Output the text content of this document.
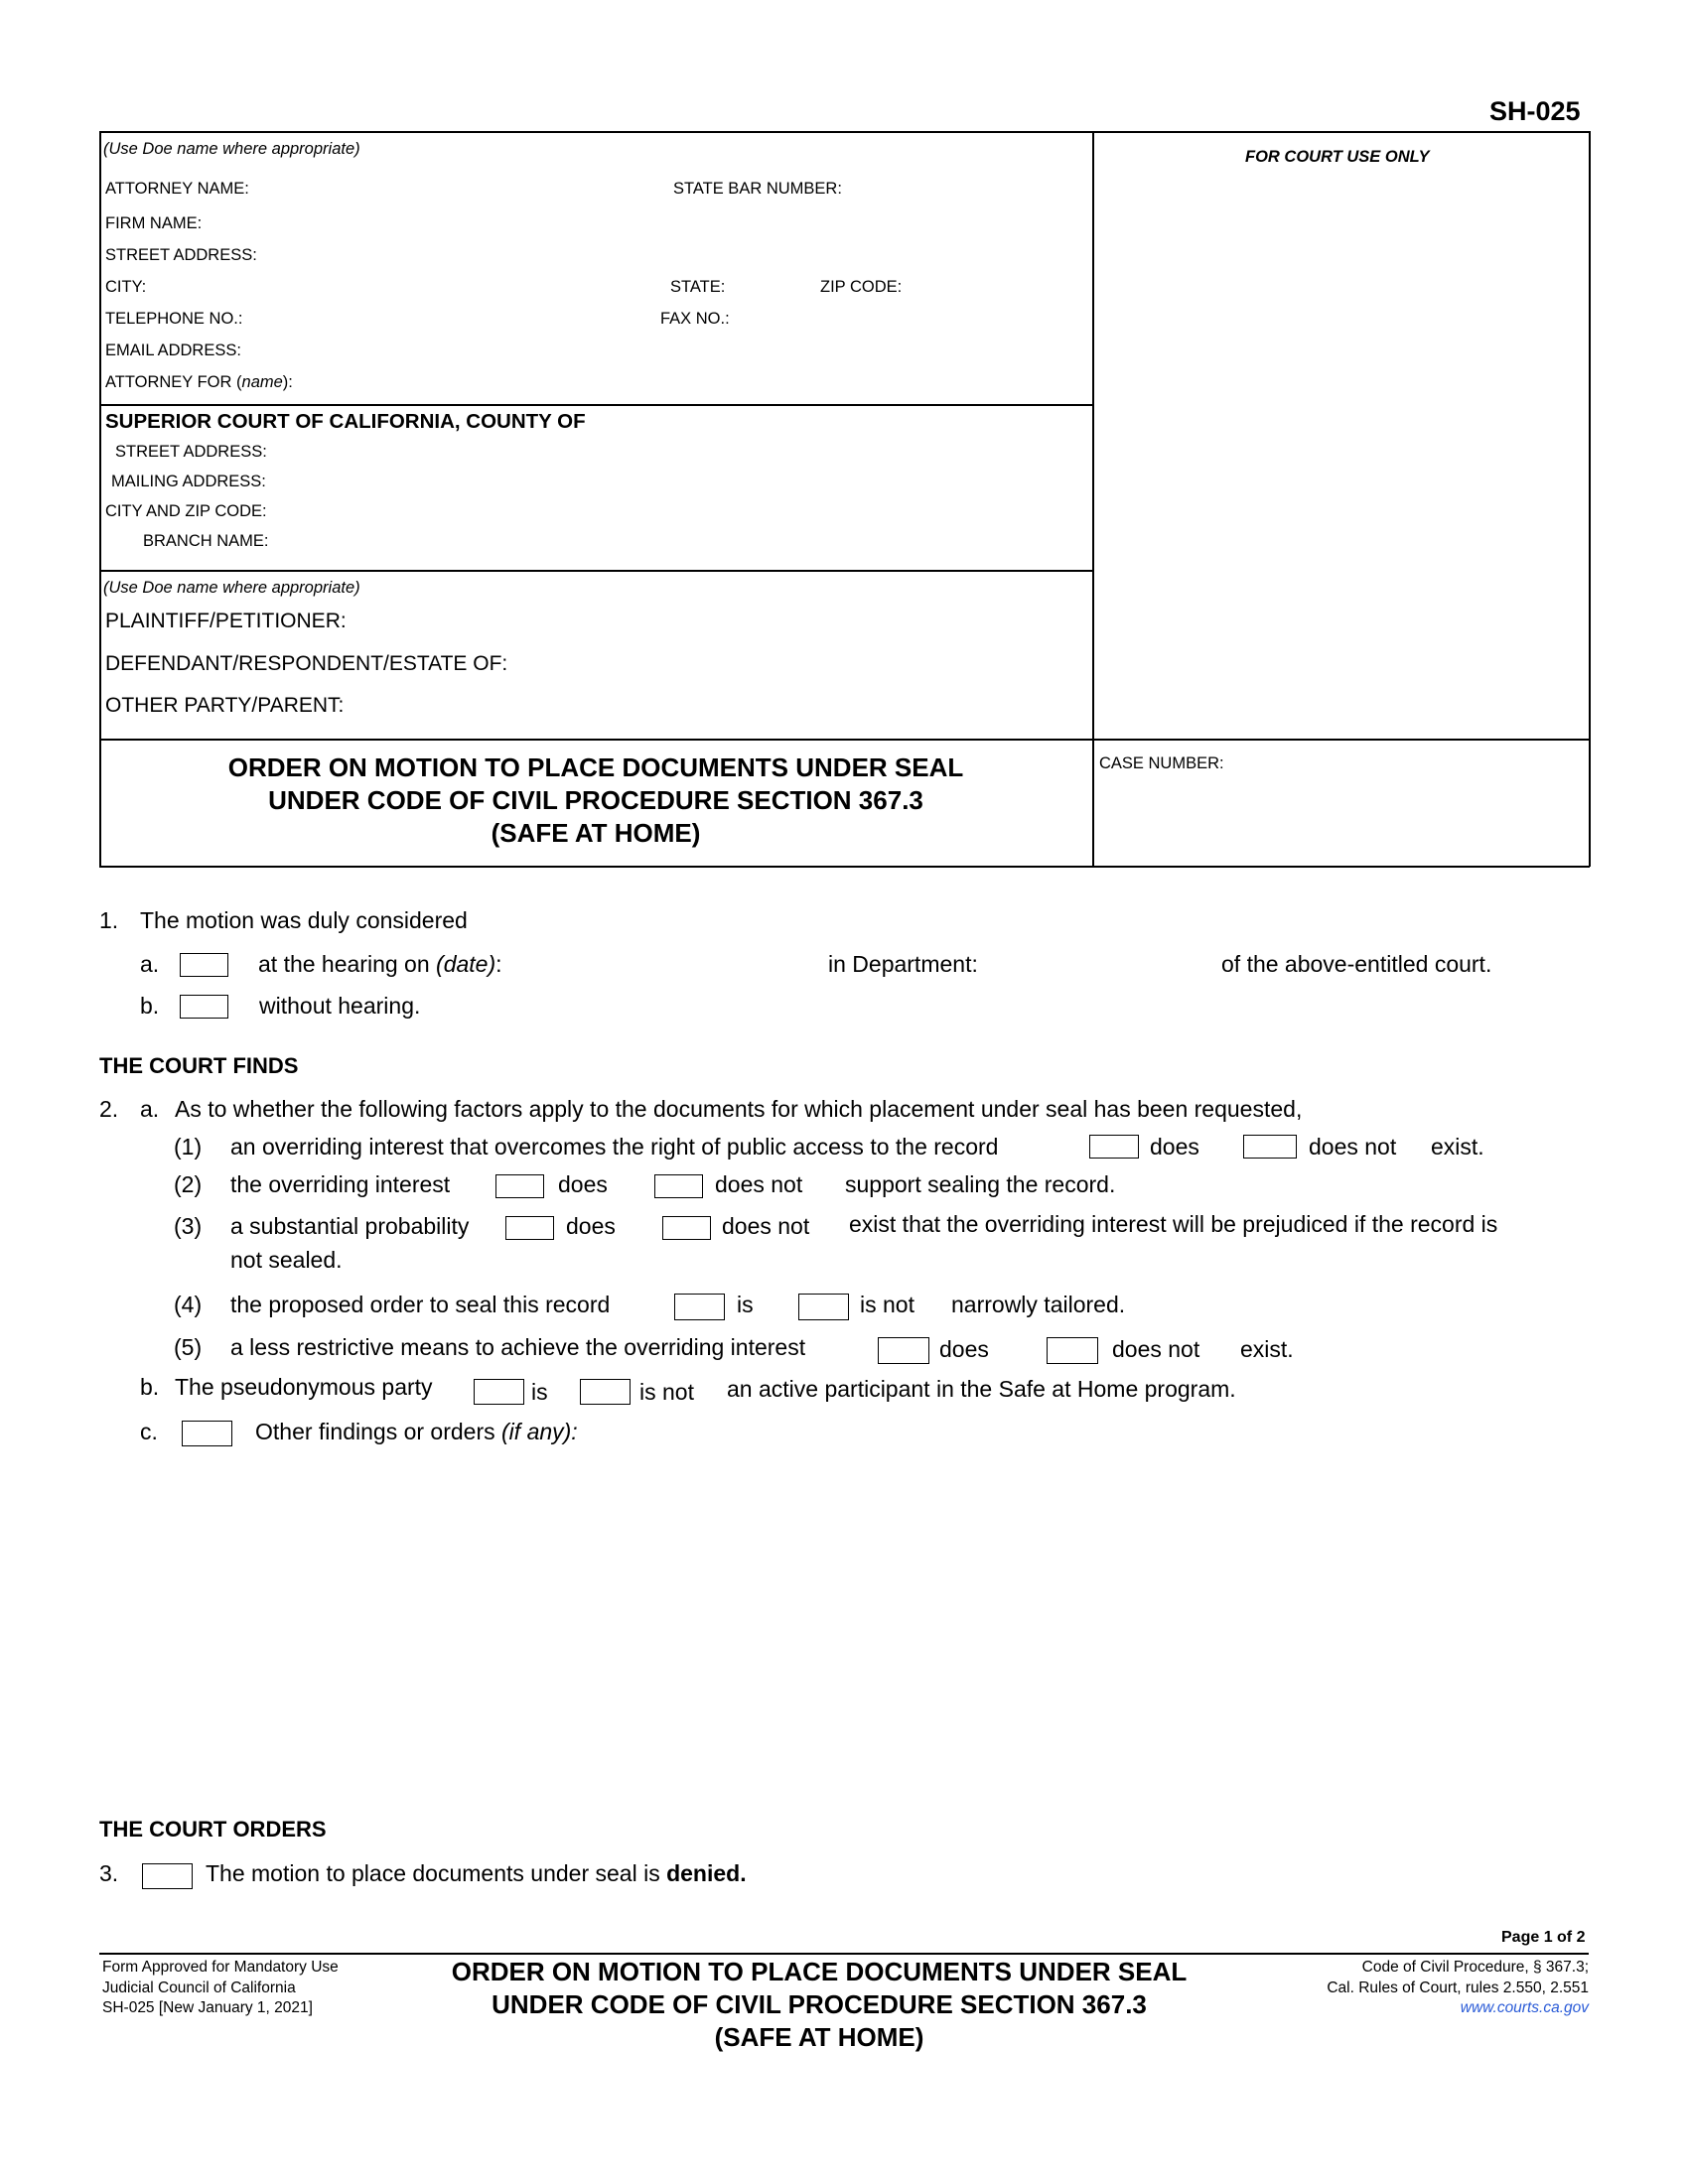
SH-025
(Use Doe name where appropriate)	FOR COURT USE ONLY
ATTORNEY NAME:	STATE BAR NUMBER:
FIRM NAME:
STREET ADDRESS:
CITY:	STATE:	ZIP CODE:
TELEPHONE NO.:	FAX NO.:
EMAIL ADDRESS:
ATTORNEY FOR (name):
SUPERIOR COURT OF CALIFORNIA, COUNTY OF
STREET ADDRESS:
MAILING ADDRESS:
CITY AND ZIP CODE:
BRANCH NAME:
(Use Doe name where appropriate)
PLAINTIFF/PETITIONER:
DEFENDANT/RESPONDENT/ESTATE OF:
OTHER PARTY/PARENT:
ORDER ON MOTION TO PLACE DOCUMENTS UNDER SEAL
UNDER CODE OF CIVIL PROCEDURE SECTION 367.3
(SAFE AT HOME)
CASE NUMBER:
1. The motion was duly considered
a.	at the hearing on (date):	in Department:	of the above-entitled court.
b.	without hearing.
THE COURT FINDS
2. a. As to whether the following factors apply to the documents for which placement under seal has been requested,
(1) an overriding interest that overcomes the right of public access to the record	does	does not exist.
(2) the overriding interest	does	does not support sealing the record.
(3) a substantial probability	does	does not exist that the overriding interest will be prejudiced if the record is
not sealed.
(4) the proposed order to seal this record	is	is not narrowly tailored.
(5) a less restrictive means to achieve the overriding interest	does	does not exist.
b. The pseudonymous party	is	is not an active participant in the Safe at Home program.
c.	Other findings or orders (if any):
THE COURT ORDERS
3.	The motion to place documents under seal is denied.
Page 1 of 2
Form Approved for Mandatory Use
Judicial Council of California
SH-025 [New January 1, 2021]
ORDER ON MOTION TO PLACE DOCUMENTS UNDER SEAL
UNDER CODE OF CIVIL PROCEDURE SECTION 367.3
(SAFE AT HOME)
Code of Civil Procedure, § 367.3;
Cal. Rules of Court, rules 2.550, 2.551
www.courts.ca.gov
